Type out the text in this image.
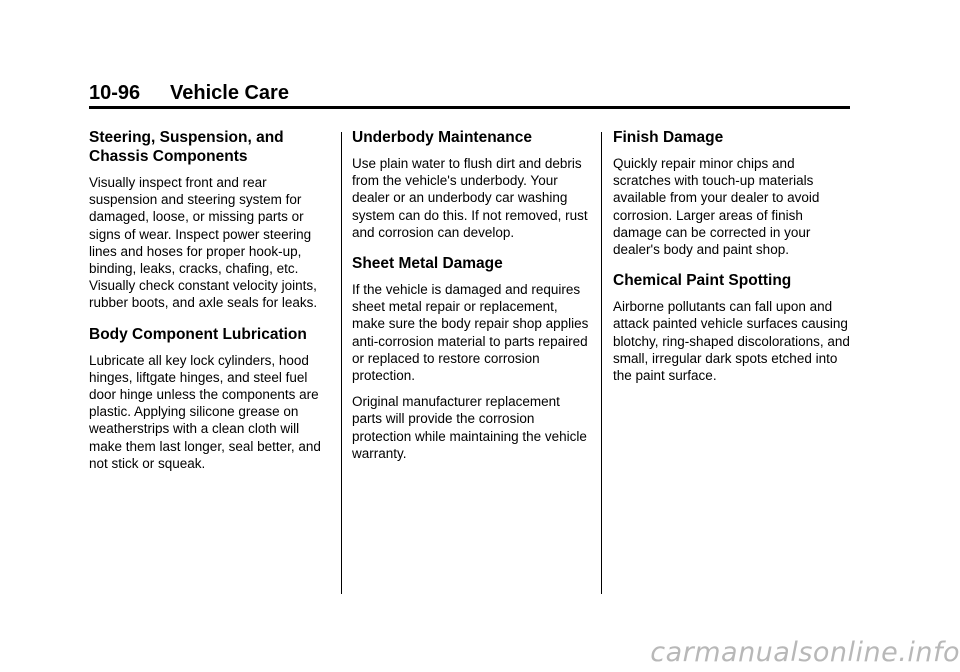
10-96 Vehicle Care
Steering, Suspension, and Chassis Components

Visually inspect front and rear suspension and steering system for damaged, loose, or missing parts or signs of wear. Inspect power steering lines and hoses for proper hook-up, binding, leaks, cracks, chafing, etc. Visually check constant velocity joints, rubber boots, and axle seals for leaks.

Body Component Lubrication

Lubricate all key lock cylinders, hood hinges, liftgate hinges, and steel fuel door hinge unless the components are plastic. Applying silicone grease on weatherstrips with a clean cloth will make them last longer, seal better, and not stick or squeak.

Underbody Maintenance

Use plain water to flush dirt and debris from the vehicle's underbody. Your dealer or an underbody car washing system can do this. If not removed, rust and corrosion can develop.

Sheet Metal Damage

If the vehicle is damaged and requires sheet metal repair or replacement, make sure the body repair shop applies anti-corrosion material to parts repaired or replaced to restore corrosion protection.

Original manufacturer replacement parts will provide the corrosion protection while maintaining the vehicle warranty.

Finish Damage

Quickly repair minor chips and scratches with touch-up materials available from your dealer to avoid corrosion. Larger areas of finish damage can be corrected in your dealer's body and paint shop.

Chemical Paint Spotting

Airborne pollutants can fall upon and attack painted vehicle surfaces causing blotchy, ring-shaped discolorations, and small, irregular dark spots etched into the paint surface.

carmanualsonline.info
